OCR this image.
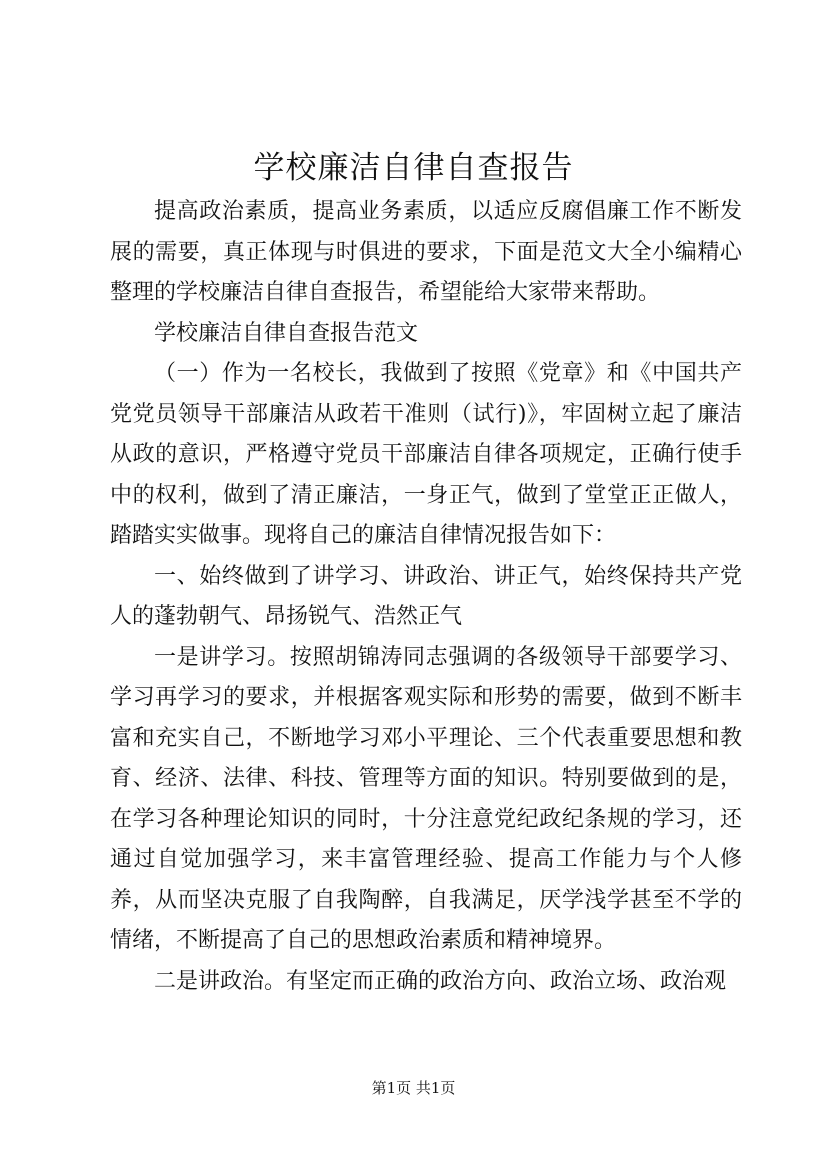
学校廉洁自律自查报告

提高政治素质，提高业务素质，以适应反腐倡廉工作不断发展的需要，真正体现与时俱进的要求，下面是范文大全小编精心整理的学校廉洁自律自查报告，希望能给大家带来帮助。

学校廉洁自律自查报告范文

（一）作为一名校长，我做到了按照《党章》和《中国共产党党员领导干部廉洁从政若干准则（试行)》，牢固树立起了廉洁从政的意识，严格遵守党员干部廉洁自律各项规定，正确行使手中的权利，做到了清正廉洁，一身正气，做到了堂堂正正做人，踏踏实实做事。现将自己的廉洁自律情况报告如下：

一、始终做到了讲学习、讲政治、讲正气，始终保持共产党人的蓬勃朝气、昂扬锐气、浩然正气

一是讲学习。按照胡锦涛同志强调的各级领导干部要学习、学习再学习的要求，并根据客观实际和形势的需要，做到不断丰富和充实自己，不断地学习邓小平理论、三个代表重要思想和教育、经济、法律、科技、管理等方面的知识。特别要做到的是，在学习各种理论知识的同时，十分注意党纪政纪条规的学习，还通过自觉加强学习，来丰富管理经验、提高工作能力与个人修养，从而坚决克服了自我陶醉，自我满足，厌学浅学甚至不学的情绪，不断提高了自己的思想政治素质和精神境界。

二是讲政治。有坚定而正确的政治方向、政治立场、政治观

第1页 共1页
